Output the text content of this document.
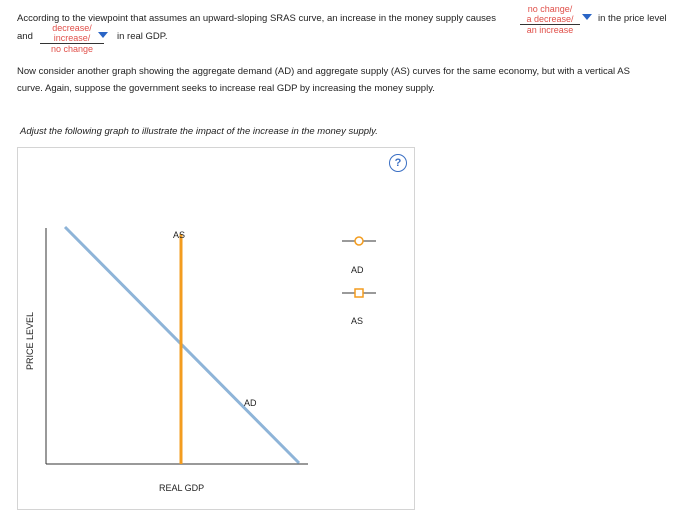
According to the viewpoint that assumes an upward-sloping SRAS curve, an increase in the money supply causes
no change/
a decrease/
an increase
in the price level
and
decrease/
increase/
no change
in real GDP.
Now consider another graph showing the aggregate demand (AD) and aggregate supply (AS) curves for the same economy, but with a vertical AS
curve. Again, suppose the government seeks to increase real GDP by increasing the money supply.
Adjust the following graph to illustrate the impact of the increase in the money supply.
?
PRICE LEVEL
REAL GDP
AS
AD
AD
AS
